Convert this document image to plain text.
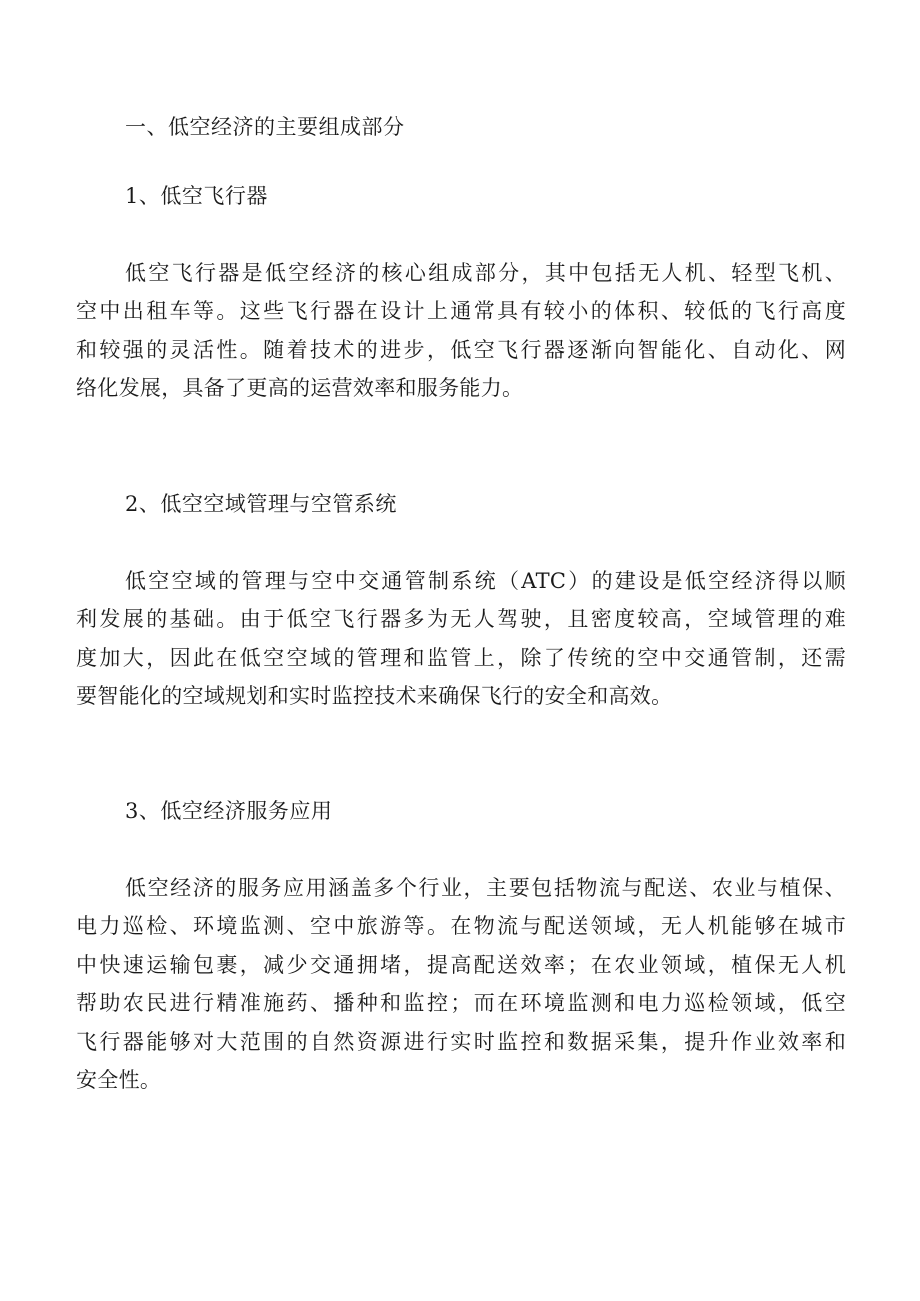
一、低空经济的主要组成部分
1、低空飞行器
低空飞行器是低空经济的核心组成部分，其中包括无人机、轻型飞机、
空中出租车等。这些飞行器在设计上通常具有较小的体积、较低的飞行高度
和较强的灵活性。随着技术的进步，低空飞行器逐渐向智能化、自动化、网
络化发展，具备了更高的运营效率和服务能力。
2、低空空域管理与空管系统
低空空域的管理与空中交通管制系统（ATC）的建设是低空经济得以顺
利发展的基础。由于低空飞行器多为无人驾驶，且密度较高，空域管理的难
度加大，因此在低空空域的管理和监管上，除了传统的空中交通管制，还需
要智能化的空域规划和实时监控技术来确保飞行的安全和高效。
3、低空经济服务应用
低空经济的服务应用涵盖多个行业，主要包括物流与配送、农业与植保、
电力巡检、环境监测、空中旅游等。在物流与配送领域，无人机能够在城市
中快速运输包裹，减少交通拥堵，提高配送效率；在农业领域，植保无人机
帮助农民进行精准施药、播种和监控；而在环境监测和电力巡检领域，低空
飞行器能够对大范围的自然资源进行实时监控和数据采集，提升作业效率和
安全性。
